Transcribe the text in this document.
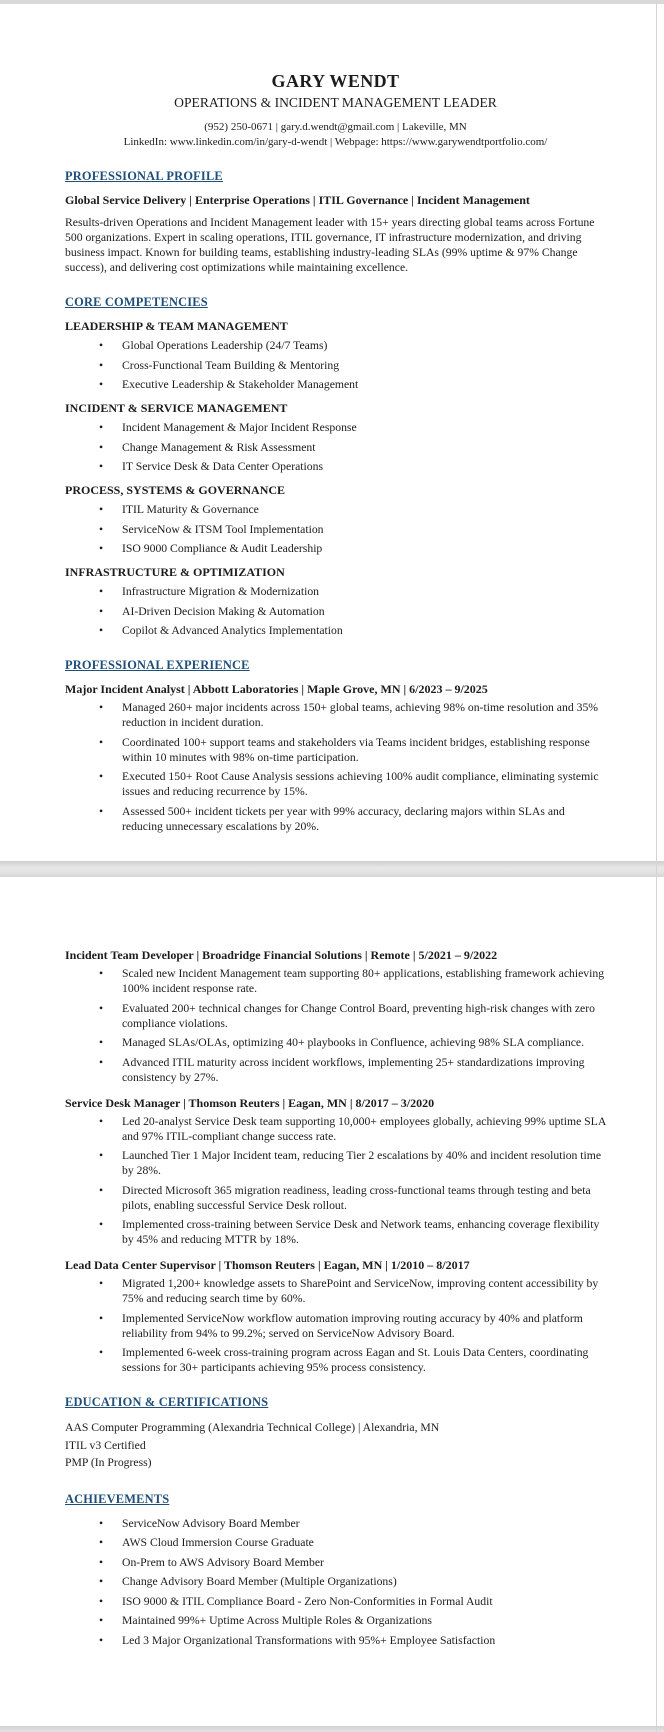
GARY WENDT
OPERATIONS & INCIDENT MANAGEMENT LEADER
(952) 250-0671 | gary.d.wendt@gmail.com | Lakeville, MN
LinkedIn: www.linkedin.com/in/gary-d-wendt | Webpage: https://www.garywendtportfolio.com/
PROFESSIONAL PROFILE
Global Service Delivery | Enterprise Operations | ITIL Governance | Incident Management
Results-driven Operations and Incident Management leader with 15+ years directing global teams across Fortune 500 organizations. Expert in scaling operations, ITIL governance, IT infrastructure modernization, and driving business impact. Known for building teams, establishing industry-leading SLAs (99% uptime & 97% Change success), and delivering cost optimizations while maintaining excellence.
CORE COMPETENCIES
LEADERSHIP & TEAM MANAGEMENT
• Global Operations Leadership (24/7 Teams)
• Cross-Functional Team Building & Mentoring
• Executive Leadership & Stakeholder Management
INCIDENT & SERVICE MANAGEMENT
• Incident Management & Major Incident Response
• Change Management & Risk Assessment
• IT Service Desk & Data Center Operations
PROCESS, SYSTEMS & GOVERNANCE
• ITIL Maturity & Governance
• ServiceNow & ITSM Tool Implementation
• ISO 9000 Compliance & Audit Leadership
INFRASTRUCTURE & OPTIMIZATION
• Infrastructure Migration & Modernization
• AI-Driven Decision Making & Automation
• Copilot & Advanced Analytics Implementation
PROFESSIONAL EXPERIENCE
Major Incident Analyst | Abbott Laboratories | Maple Grove, MN | 6/2023 – 9/2025
• Managed 260+ major incidents across 150+ global teams, achieving 98% on-time resolution and 35% reduction in incident duration.
• Coordinated 100+ support teams and stakeholders via Teams incident bridges, establishing response within 10 minutes with 98% on-time participation.
• Executed 150+ Root Cause Analysis sessions achieving 100% audit compliance, eliminating systemic issues and reducing recurrence by 15%.
• Assessed 500+ incident tickets per year with 99% accuracy, declaring majors within SLAs and reducing unnecessary escalations by 20%.
Incident Team Developer | Broadridge Financial Solutions | Remote | 5/2021 – 9/2022
• Scaled new Incident Management team supporting 80+ applications, establishing framework achieving 100% incident response rate.
• Evaluated 200+ technical changes for Change Control Board, preventing high-risk changes with zero compliance violations.
• Managed SLAs/OLAs, optimizing 40+ playbooks in Confluence, achieving 98% SLA compliance.
• Advanced ITIL maturity across incident workflows, implementing 25+ standardizations improving consistency by 27%.
Service Desk Manager | Thomson Reuters | Eagan, MN | 8/2017 – 3/2020
• Led 20-analyst Service Desk team supporting 10,000+ employees globally, achieving 99% uptime SLA and 97% ITIL-compliant change success rate.
• Launched Tier 1 Major Incident team, reducing Tier 2 escalations by 40% and incident resolution time by 28%.
• Directed Microsoft 365 migration readiness, leading cross-functional teams through testing and beta pilots, enabling successful Service Desk rollout.
• Implemented cross-training between Service Desk and Network teams, enhancing coverage flexibility by 45% and reducing MTTR by 18%.
Lead Data Center Supervisor | Thomson Reuters | Eagan, MN | 1/2010 – 8/2017
• Migrated 1,200+ knowledge assets to SharePoint and ServiceNow, improving content accessibility by 75% and reducing search time by 60%.
• Implemented ServiceNow workflow automation improving routing accuracy by 40% and platform reliability from 94% to 99.2%; served on ServiceNow Advisory Board.
• Implemented 6-week cross-training program across Eagan and St. Louis Data Centers, coordinating sessions for 30+ participants achieving 95% process consistency.
EDUCATION & CERTIFICATIONS
AAS Computer Programming (Alexandria Technical College) | Alexandria, MN
ITIL v3 Certified
PMP (In Progress)
ACHIEVEMENTS
• ServiceNow Advisory Board Member
• AWS Cloud Immersion Course Graduate
• On-Prem to AWS Advisory Board Member
• Change Advisory Board Member (Multiple Organizations)
• ISO 9000 & ITIL Compliance Board - Zero Non-Conformities in Formal Audit
• Maintained 99%+ Uptime Across Multiple Roles & Organizations
• Led 3 Major Organizational Transformations with 95%+ Employee Satisfaction
